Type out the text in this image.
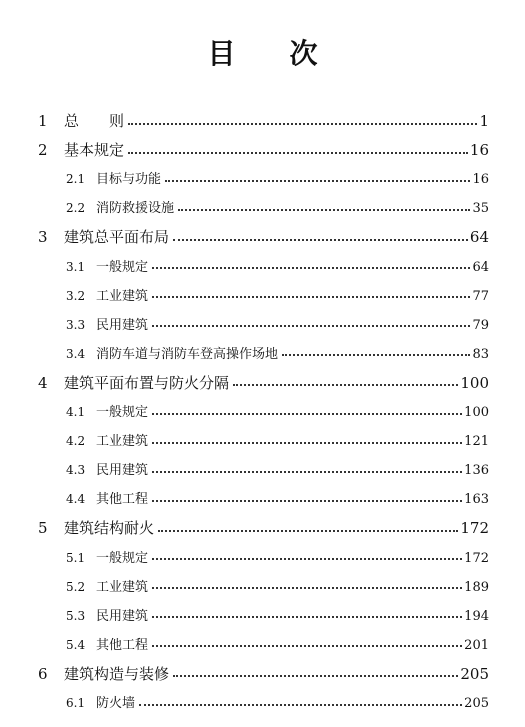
目 次
1	总　　则	1
2	基本规定	16
2.1 目标与功能	16
2.2 消防救援设施	35
3	建筑总平面布局	64
3.1 一般规定	64
3.2 工业建筑	77
3.3 民用建筑	79
3.4 消防车道与消防车登高操作场地	83
4	建筑平面布置与防火分隔	100
4.1 一般规定	100
4.2 工业建筑	121
4.3 民用建筑	136
4.4 其他工程	163
5	建筑结构耐火	172
5.1 一般规定	172
5.2 工业建筑	189
5.3 民用建筑	194
5.4 其他工程	201
6	建筑构造与装修	205
6.1 防火墙	205
